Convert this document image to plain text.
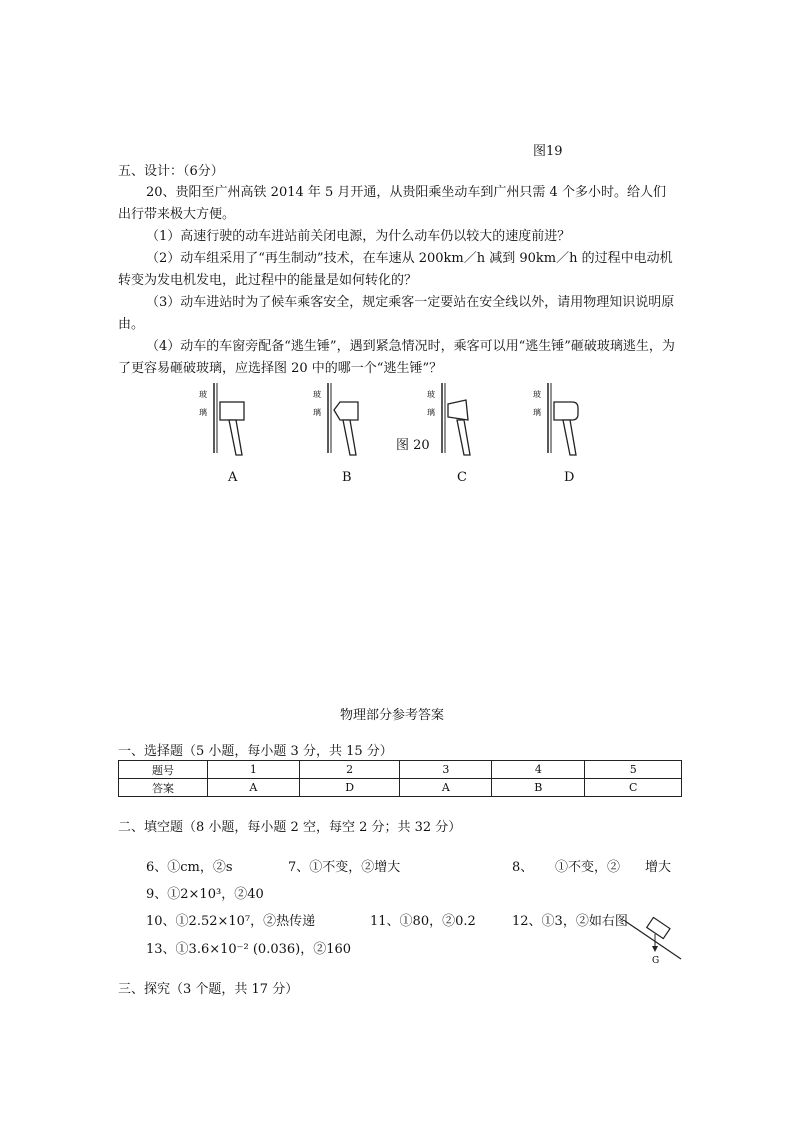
图19
五、设计：（6分）
20、贵阳至广州高铁 2014 年 5 月开通，从贵阳乘坐动车到广州只需 4 个多小时。给人们出行带来极大方便。
（1）高速行驶的动车进站前关闭电源，为什么动车仍以较大的速度前进？
（2）动车组采用了“再生制动”技术，在车速从 200km／h 减到 90km／h 的过程中电动机转变为发电机发电，此过程中的能量是如何转化的？
（3）动车进站时为了候车乘客安全，规定乘客一定要站在安全线以外，请用物理知识说明原由。
（4）动车的车窗旁配备“逃生锤”，遇到紧急情况时，乘客可以用“逃生锤”砸破玻璃逃生，为了更容易砸破玻璃，应选择图 20 中的哪一个“逃生锤”？
玻
璃
玻
璃
玻
璃
玻
璃
图 20
A	B	C	D
物理部分参考答案
一、选择题（5 小题，每小题 3 分，共 15 分）
题号	1	2	3	4	5
答案	A	D	A	B	C
二、填空题（8 小题，每小题 2 空，每空 2 分；共 32 分）
6、①cm，②s	7、①不变，②增大	8、 ①不变，② 增大
9、①2×10³，②40
10、①2.52×10⁷，②热传递	11、①80，②0.2	12、①3，②如右图
13、①3.6×10⁻² (0.036)，②160
G
三、探究（3 个题，共 17 分）
